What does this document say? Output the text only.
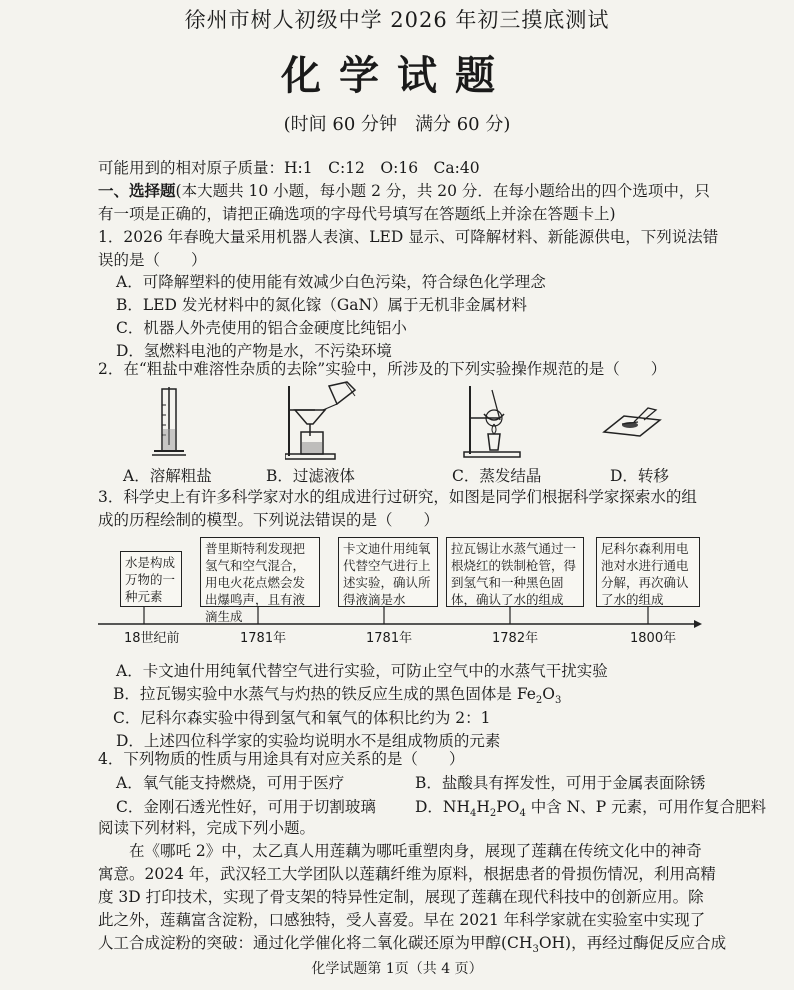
徐州市树人初级中学 2026 年初三摸底测试
化学试题
(时间 60 分钟　满分 60 分)
可能用到的相对原子质量：H:1　C:12　O:16　Ca:40
一、选择题(本大题共 10 小题，每小题 2 分，共 20 分．在每小题给出的四个选项中，只
有一项是正确的，请把正确选项的字母代号填写在答题纸上并涂在答题卡上)
1．2026 年春晚大量采用机器人表演、LED 显示、可降解材料、新能源供电，下列说法错
误的是（　　）
A．可降解塑料的使用能有效减少白色污染，符合绿色化学理念
B．LED 发光材料中的氮化镓（GaN）属于无机非金属材料
C．机器人外壳使用的铝合金硬度比纯铝小
D．氢燃料电池的产物是水，不污染环境
2．在“粗盐中难溶性杂质的去除”实验中，所涉及的下列实验操作规范的是（　　）
A．溶解粗盐	B．过滤液体	C．蒸发结晶	D．转移
3．科学史上有许多科学家对水的组成进行过研究，如图是同学们根据科学家探索水的组
成的历程绘制的模型。下列说法错误的是（　　）
水是构成万物的一种元素
普里斯特利发现把氢气和空气混合，用电火花点燃会发出爆鸣声，且有液滴生成
卡文迪什用纯氧代替空气进行上述实验，确认所得液滴是水
拉瓦锡让水蒸气通过一根烧红的铁制枪管，得到氢气和一种黑色固体，确认了水的组成
尼科尔森利用电池对水进行通电分解，再次确认了水的组成
18世纪前	1781年	1781年	1782年	1800年
A．卡文迪什用纯氧代替空气进行实验，可防止空气中的水蒸气干扰实验
B．拉瓦锡实验中水蒸气与灼热的铁反应生成的黑色固体是 $Fe_2O_3$
C．尼科尔森实验中得到氢气和氧气的体积比约为 2：1
D．上述四位科学家的实验均说明水不是组成物质的元素
4．下列物质的性质与用途具有对应关系的是（　　）
A．氧气能支持燃烧，可用于医疗	B．盐酸具有挥发性，可用于金属表面除锈
C．金刚石透光性好，可用于切割玻璃	D．$NH_4H_2PO_4$ 中含 N、P 元素，可用作复合肥料
阅读下列材料，完成下列小题。
　　在《哪吒 2》中，太乙真人用莲藕为哪吒重塑肉身，展现了莲藕在传统文化中的神奇
寓意。2024 年，武汉轻工大学团队以莲藕纤维为原料，根据患者的骨损伤情况，利用高精
度 3D 打印技术，实现了骨支架的特异性定制，展现了莲藕在现代科技中的创新应用。除
此之外，莲藕富含淀粉，口感独特，受人喜爱。早在 2021 年科学家就在实验室中实现了
人工合成淀粉的突破：通过化学催化将二氧化碳还原为甲醇$(CH_3OH)$，再经过酶促反应合成
化学试题第 1页（共 4 页）
